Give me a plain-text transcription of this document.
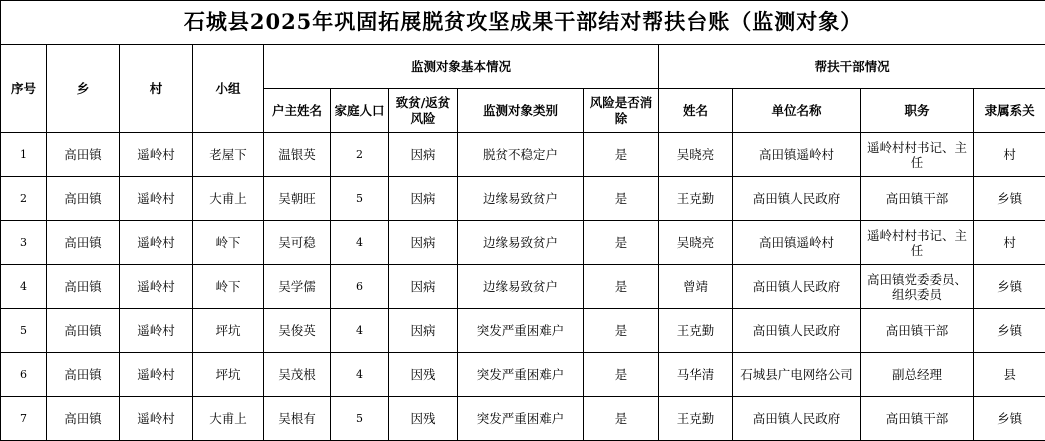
石城县2025年巩固拓展脱贫攻坚成果干部结对帮扶台账（监测对象）												
序号	乡	村	小组	监测对象基本情况					帮扶干部情况			
				户主姓名	家庭人口	致贫/返贫风险	监测对象类别	风险是否消除	姓名	单位名称	职务	隶属系关
1	高田镇	遥岭村	老屋下	温银英	2	因病	脱贫不稳定户	是	吴晓亮	高田镇遥岭村	遥岭村村书记、主任	村
2	高田镇	遥岭村	大甫上	吴朝旺	5	因病	边缘易致贫户	是	王克勤	高田镇人民政府	高田镇干部	乡镇
3	高田镇	遥岭村	岭下	吴可稳	4	因病	边缘易致贫户	是	吴晓亮	高田镇遥岭村	遥岭村村书记、主任	村
4	高田镇	遥岭村	岭下	吴学儒	6	因病	边缘易致贫户	是	曾靖	高田镇人民政府	高田镇党委委员、组织委员	乡镇
5	高田镇	遥岭村	坪坑	吴俊英	4	因病	突发严重困难户	是	王克勤	高田镇人民政府	高田镇干部	乡镇
6	高田镇	遥岭村	坪坑	吴茂根	4	因残	突发严重困难户	是	马华清	石城县广电网络公司	副总经理	县
7	高田镇	遥岭村	大甫上	吴根有	5	因残	突发严重困难户	是	王克勤	高田镇人民政府	高田镇干部	乡镇
